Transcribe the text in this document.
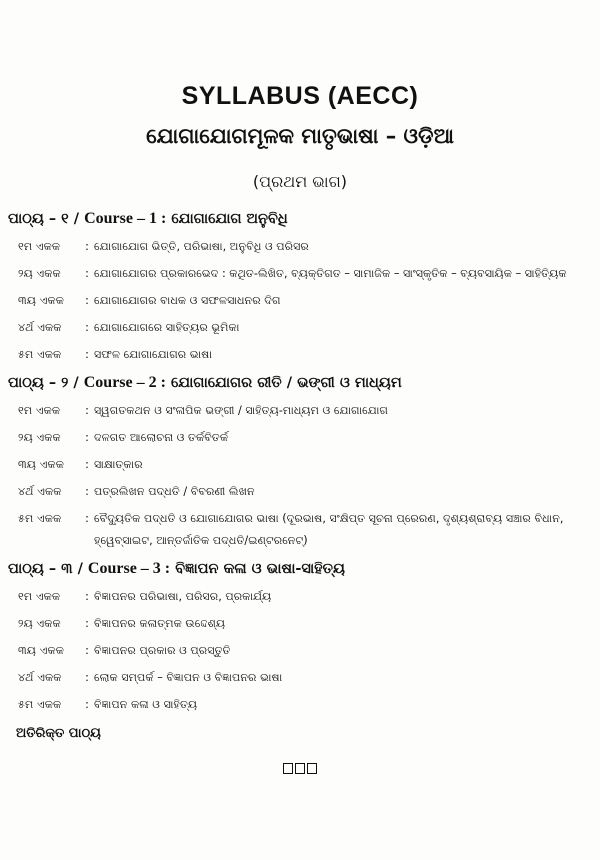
SYLLABUS (AECC)
ଯୋଗାଯୋଗମୂଳକ ମାତୃଭାଷା – ଓଡ଼ିଆ
(ପ୍ରଥମ ଭାଗ)
ପାଠ୍ୟ – ୧ / Course – 1 : ଯୋଗାଯୋଗ ଅନୁବିଧି
୧ମ ଏକକ	: ଯୋଗାଯୋଗ ଭିତ୍ତି, ପରିଭାଷା, ଅନୁବିଧି ଓ ପରିସର
୨ୟ ଏକକ	: ଯୋଗାଯୋଗର ପ୍ରକାରଭେଦ : କଥିତ-ଲିଖିତ, ବ୍ୟକ୍ତିଗତ – ସାମାଜିକ – ସାଂସ୍କୃତିକ – ବ୍ୟବସାୟିକ – ସାହିତ୍ୟିକ
୩ୟ ଏକକ	: ଯୋଗାଯୋଗର ବାଧକ ଓ ସଫଳସାଧନର ଦିଗ
୪ର୍ଥ ଏକକ	: ଯୋଗାଯୋଗରେ ସାହିତ୍ୟର ଭୂମିକା
୫ମ ଏକକ	: ସଫଳ ଯୋଗାଯୋଗର ଭାଷା
ପାଠ୍ୟ – ୨ / Course – 2 : ଯୋଗାଯୋଗର ରୀତି / ଭଙ୍ଗୀ ଓ ମାଧ୍ୟମ
୧ମ ଏକକ	: ସ୍ୱଗତକଥନ ଓ ସଂଳାପିକ ଭଙ୍ଗୀ / ସାହିତ୍ୟ-ମାଧ୍ୟମ ଓ ଯୋଗାଯୋଗ
୨ୟ ଏକକ	: ଦଳଗତ ଆଲୋଚନା ଓ ତର୍କବିତର୍କ
୩ୟ ଏକକ	: ସାକ୍ଷାତ୍କାର
୪ର୍ଥ ଏକକ	: ପତ୍ରଲିଖନ ପଦ୍ଧତି / ବିବରଣୀ ଲିଖନ
୫ମ ଏକକ	: ବୈଦ୍ୟୁତିକ ପଦ୍ଧତି ଓ ଯୋଗାଯୋଗର ଭାଷା (ଦୂରଭାଷ, ସଂକ୍ଷିପ୍ତ ସୂଚନା ପ୍ରେରଣ, ଦୃଶ୍ୟଶ୍ରାବ୍ୟ ସଞ୍ଚାର ବିଧାନ, ହ୍ୱେବ୍‌ସାଇଟ, ଆନ୍ତର୍ଜାତିକ ପଦ୍ଧତି/ଇଣ୍ଟରନେଟ୍‌)
ପାଠ୍ୟ – ୩ / Course – 3 : ବିଜ୍ଞାପନ କଳା ଓ ଭାଷା-ସାହିତ୍ୟ
୧ମ ଏକକ	: ବିଜ୍ଞାପନର ପରିଭାଷା, ପରିସର, ପ୍ରକାର୍ଯ୍ୟ
୨ୟ ଏକକ	: ବିଜ୍ଞାପନର କଳାତ୍ମକ ଉଦ୍ଦେଶ୍ୟ
୩ୟ ଏକକ	: ବିଜ୍ଞାପନର ପ୍ରକାର ଓ ପ୍ରସ୍ତୁତି
୪ର୍ଥ ଏକକ	: ଲୋକ ସମ୍ପର୍କ – ବିଜ୍ଞାପନ ଓ ବିଜ୍ଞାପନର ଭାଷା
୫ମ ଏକକ	: ବିଜ୍ଞାପନ କଳା ଓ ସାହିତ୍ୟ
ଅତିରିକ୍ତ ପାଠ୍ୟ
